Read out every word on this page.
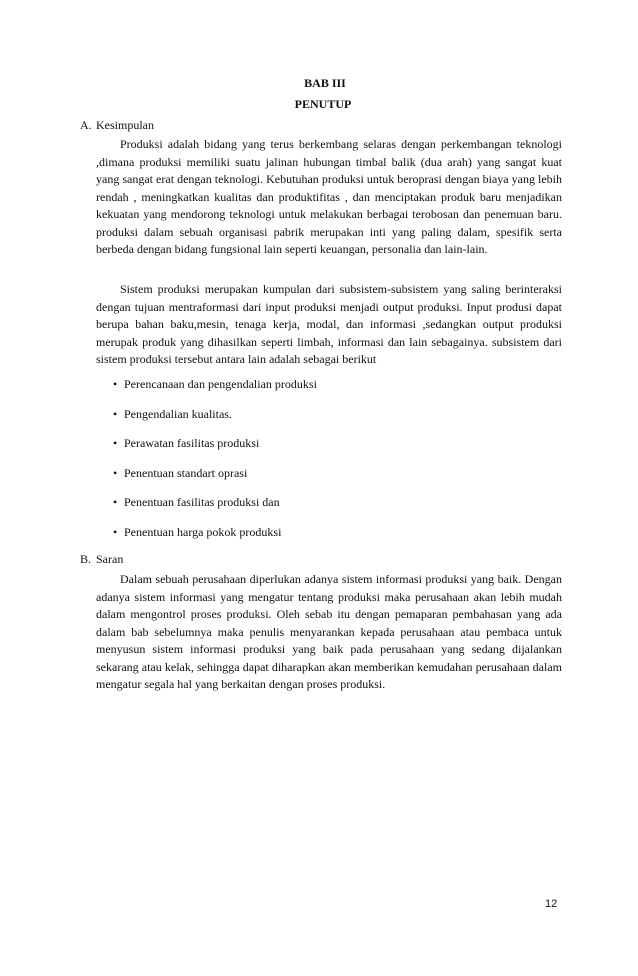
BAB III
PENUTUP
A. Kesimpulan

Produksi adalah bidang yang terus berkembang selaras dengan perkembangan teknologi ,dimana produksi memiliki suatu jalinan hubungan timbal balik (dua arah) yang sangat kuat yang sangat erat dengan teknologi. Kebutuhan produksi untuk beroprasi dengan biaya yang lebih rendah , meningkatkan kualitas dan produktifitas , dan menciptakan produk baru menjadikan kekuatan yang mendorong teknologi untuk melakukan berbagai terobosan dan penemuan baru. produksi dalam sebuah organisasi pabrik merupakan inti yang paling dalam, spesifik serta berbeda dengan bidang fungsional lain seperti keuangan, personalia dan lain-lain.

Sistem produksi merupakan kumpulan dari subsistem-subsistem yang saling berinteraksi dengan tujuan mentraformasi dari input produksi menjadi output produksi. Input produsi dapat berupa bahan baku,mesin, tenaga kerja, modal, dan informasi ,sedangkan output produksi merupak produk yang dihasilkan seperti limbah, informasi dan lain sebagainya. subsistem dari sistem produksi tersebut antara lain adalah sebagai berikut

• Perencanaan dan pengendalian produksi
• Pengendalian kualitas.
• Perawatan fasilitas produksi
• Penentuan standart oprasi
• Penentuan fasilitas produksi dan
• Penentuan harga pokok produksi
B. Saran

Dalam sebuah perusahaan diperlukan adanya sistem informasi produksi yang baik. Dengan adanya sistem informasi yang mengatur tentang produksi maka perusahaan akan lebih mudah dalam mengontrol proses produksi. Oleh sebab itu dengan pemaparan pembahasan yang ada dalam bab sebelumnya maka penulis menyarankan kepada perusahaan atau pembaca untuk menyusun sistem informasi produksi yang baik pada perusahaan yang sedang dijalankan sekarang atau kelak, sehingga dapat diharapkan akan memberikan kemudahan perusahaan dalam mengatur segala hal yang berkaitan dengan proses produksi.

12
